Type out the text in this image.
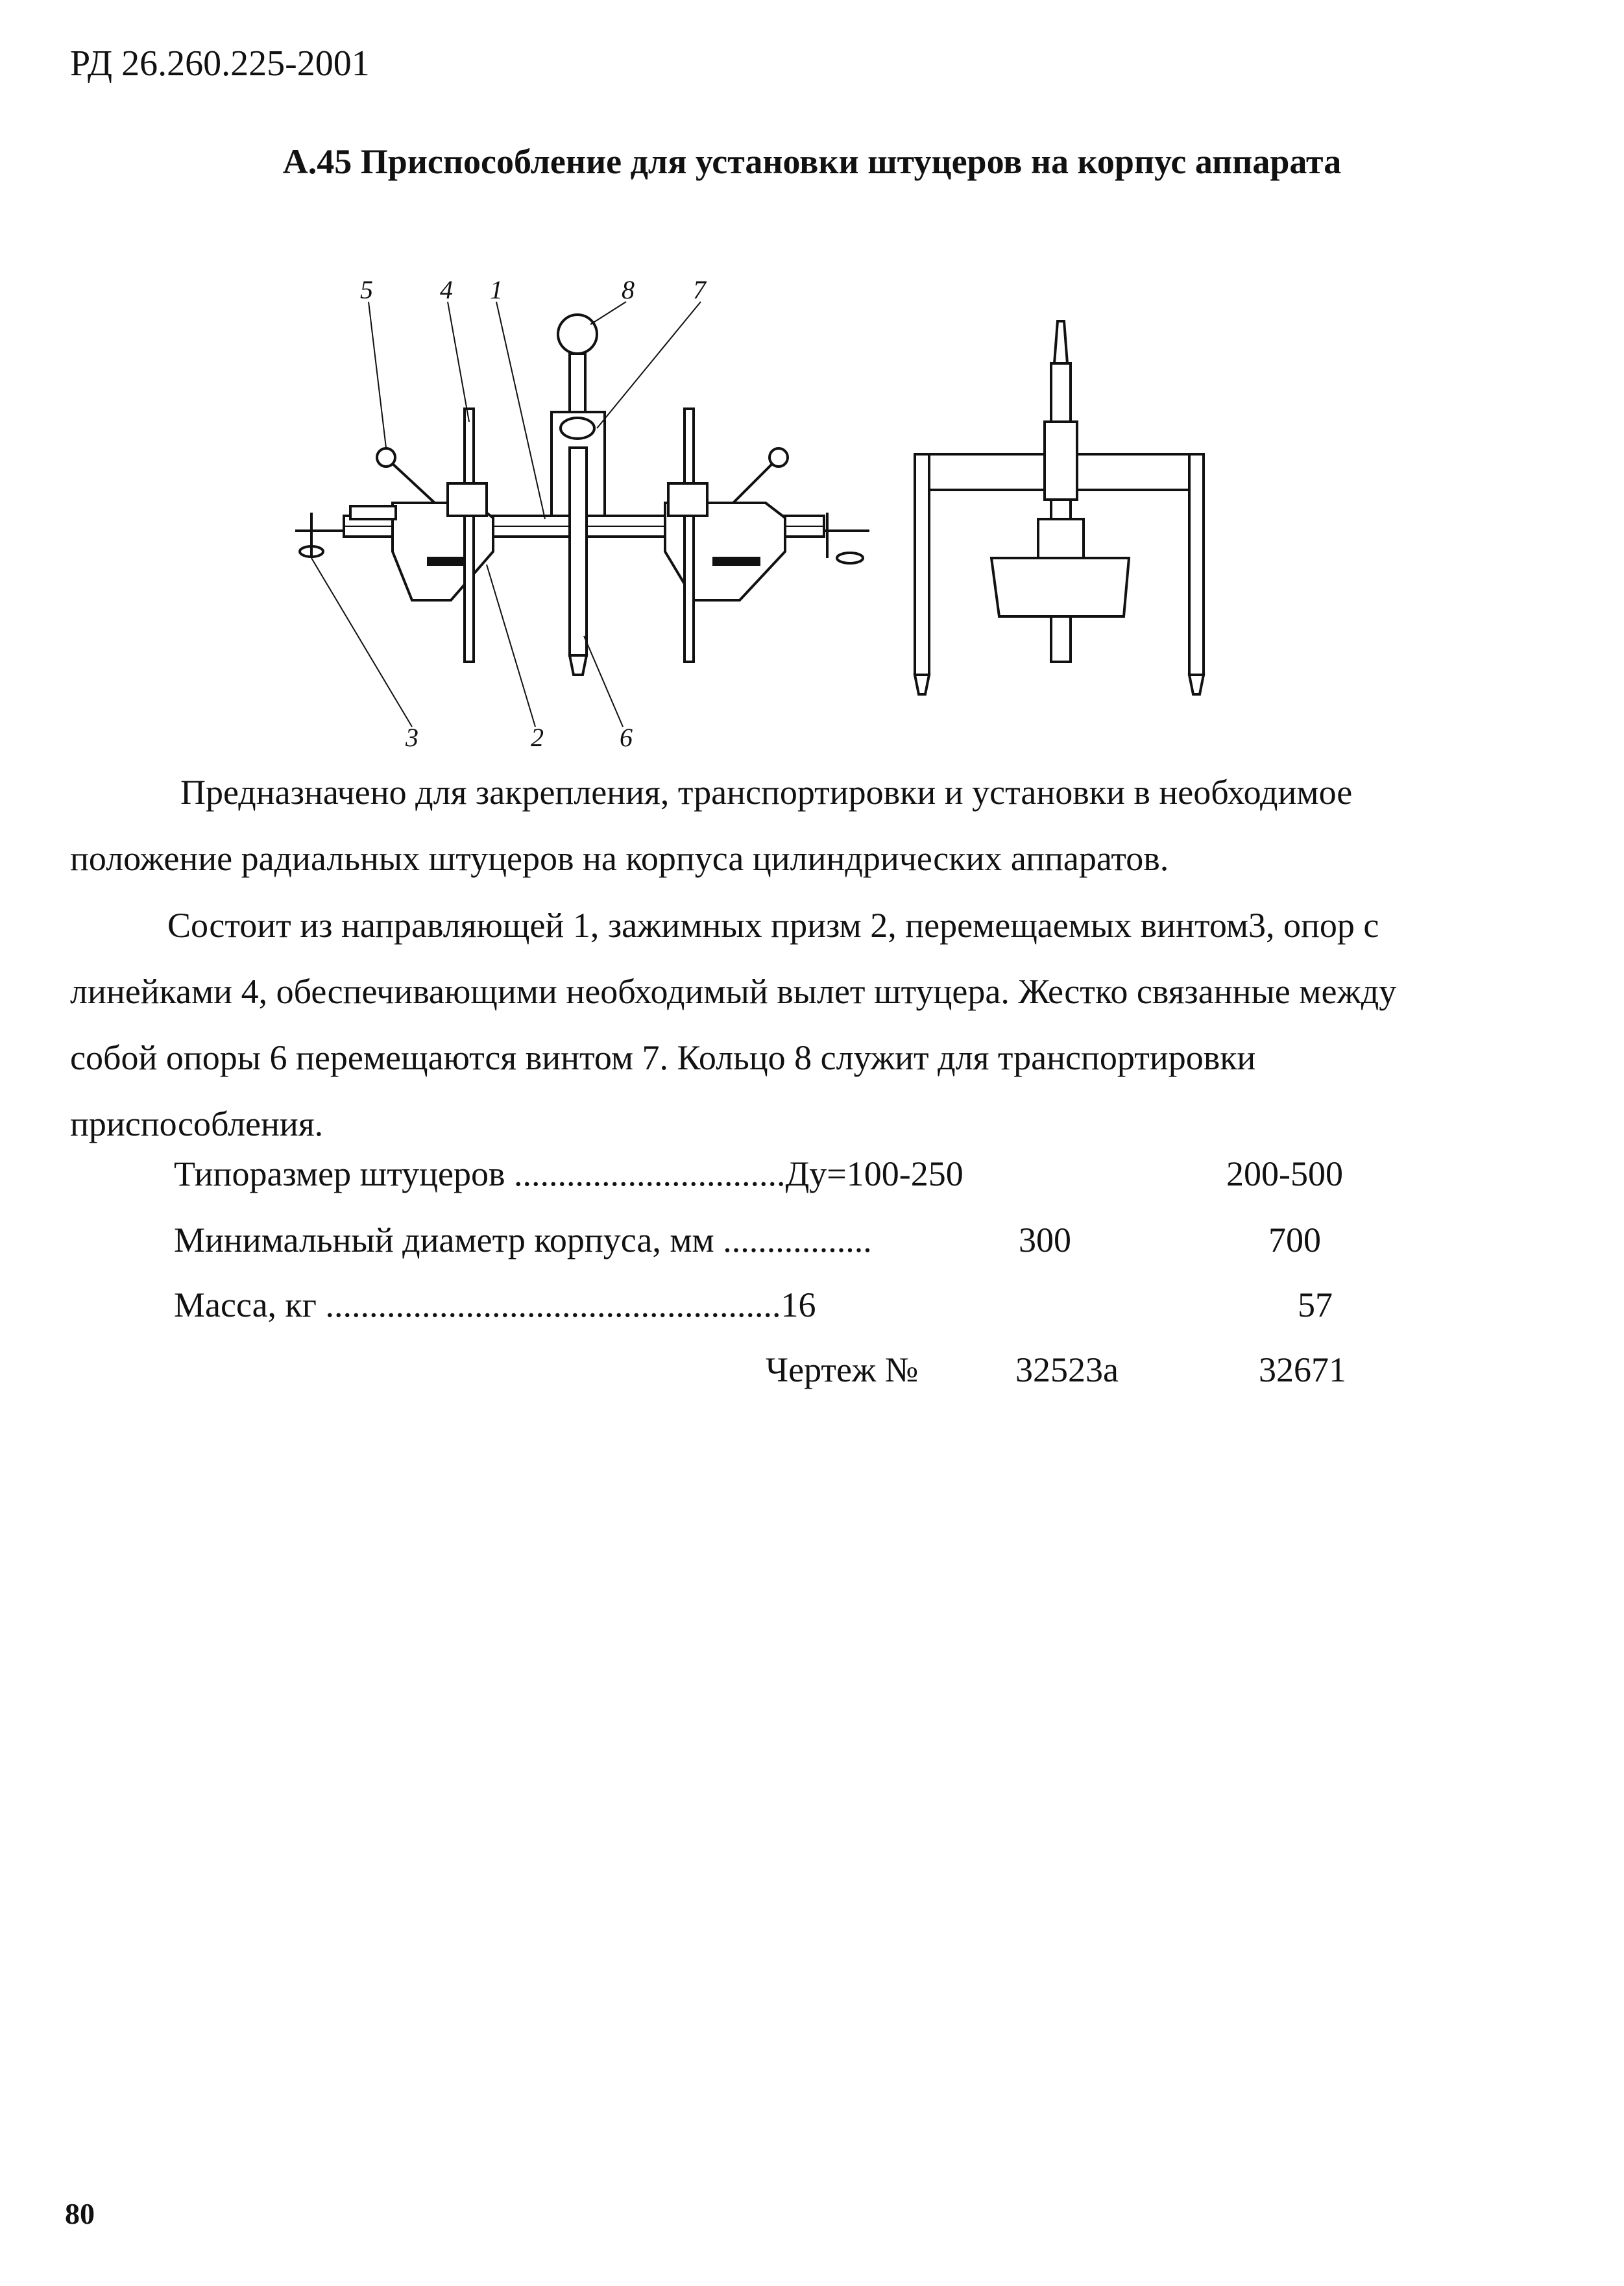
РД 26.260.225-2001
А.45 Приспособление для установки штуцеров на корпус аппарата
5	4 1	8 7
3	2	6
Предназначено для закрепления, транспортировки и установки в необходимое положение радиальных штуцеров на корпуса цилиндрических аппаратов.
Состоит из направляющей 1, зажимных призм 2, перемещаемых винтом3, опор с линейками 4, обеспечивающими необходимый вылет штуцера. Жестко связанные между собой опоры 6 перемещаются винтом 7. Кольцо 8 служит для транспортировки приспособления.
Типоразмер штуцеров ...............................Ду=100-250	200-500
Минимальный диаметр корпуса, мм .................	300	700
Масса, кг ....................................................16	57
Чертеж №	32523а	32671
80
